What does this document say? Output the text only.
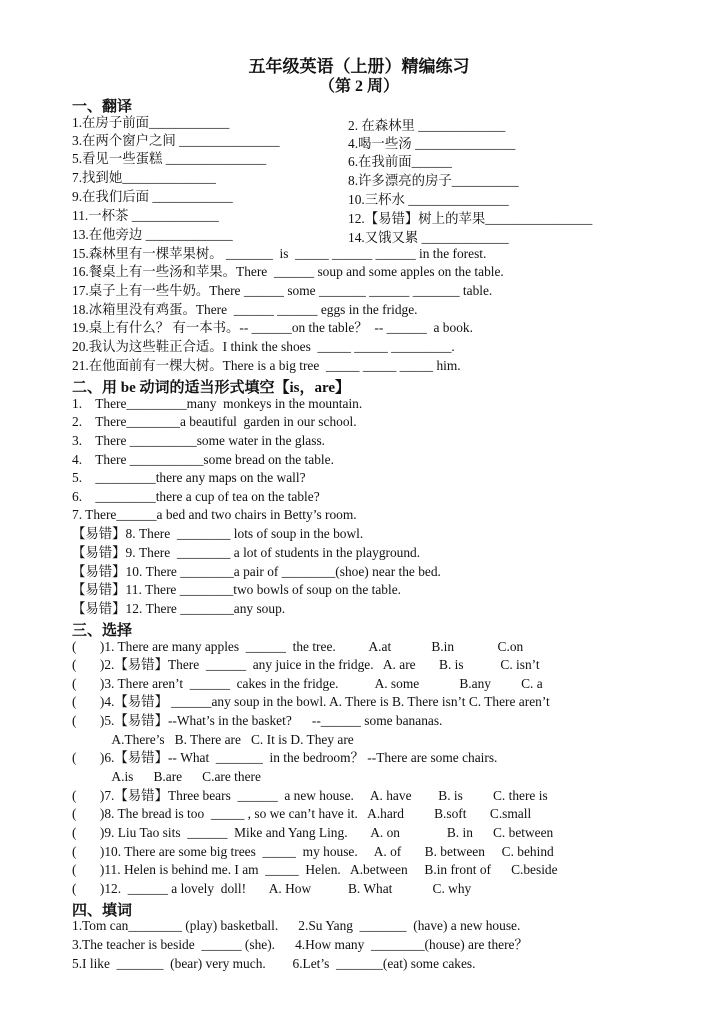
五年级英语（上册）精编练习
（第 2 周）
一、翻译
1.在房子前面____________	2. 在森林里 _____________
3.在两个窗户之间 _______________	4.喝一些汤 _______________
5.看见一些蛋糕 _______________	6.在我前面______
7.找到她______________	8.许多漂亮的房子__________
9.在我们后面 ____________	10.三杯水 _______________
11.一杯茶 _____________	12.【易错】树上的苹果________________
13.在他旁边 _____________	14.又饿又累 _____________
15.森林里有一棵苹果树。 _______  is  _____ ______ ______ in the forest.
16.餐桌上有一些汤和苹果。There  ______ soup and some apples on the table.
17.桌子上有一些牛奶。There ______ some _______ ______ _______ table.
18.冰箱里没有鸡蛋。There  ______ ______ eggs in the fridge.
19.桌上有什么？ 有一本书。-- ______on the table？  -- ______  a book.
20.我认为这些鞋正合适。I think the shoes  _____ _____ _________.
21.在他面前有一棵大树。There is a big tree  _____ _____ _____ him.
二、用 be 动词的适当形式填空【is，are】
1.    There_________many  monkeys in the mountain.
2.    There________a beautiful  garden in our school.
3.    There __________some water in the glass.
4.    There ___________some bread on the table.
5.    _________there any maps on the wall?
6.    _________there a cup of tea on the table?
7. There______a bed and two chairs in Betty’s room.
【易错】8. There  ________ lots of soup in the bowl.
【易错】9. There  ________ a lot of students in the playground.
【易错】10. There ________a pair of ________(shoe) near the bed.
【易错】11. There ________two bowls of soup on the table.
【易错】12. There ________any soup.
三、选择
(       )1. There are many apples  ______  the tree.          A.at            B.in             C.on
(       )2.【易错】There  ______  any juice in the fridge.   A. are       B. is           C. isn’t
(       )3. There aren’t  ______  cakes in the fridge.           A. some            B.any         C. a
(       )4.【易错】 ______any soup in the bowl. A. There is B. There isn’t C. There aren’t
(       )5.【易错】--What’s in the basket?      --______ some bananas.
A.There’s   B. There are   C. It is D. They are
(       )6.【易错】-- What  _______  in the bedroom？ --There are some chairs.
A.is      B.are      C.are there
(       )7.【易错】Three bears  ______  a new house.     A. have        B. is         C. there is
(       )8. The bread is too  _____ , so we can’t have it.   A.hard         B.soft       C.small
(       )9. Liu Tao sits  ______  Mike and Yang Ling.       A. on              B. in      C. between
(       )10. There are some big trees  _____  my house.     A. of       B. between     C. behind
(       )11. Helen is behind me. I am  _____  Helen.   A.between     B.in front of      C.beside
(       )12.  ______ a lovely  doll!       A. How           B. What            C. why
四、填词
1.Tom can________ (play) basketball.      2.Su Yang  _______  (have) a new house.
3.The teacher is beside  ______ (she).      4.How many  ________(house) are there？
5.I like  _______  (bear) very much.        6.Let’s  _______(eat) some cakes.
